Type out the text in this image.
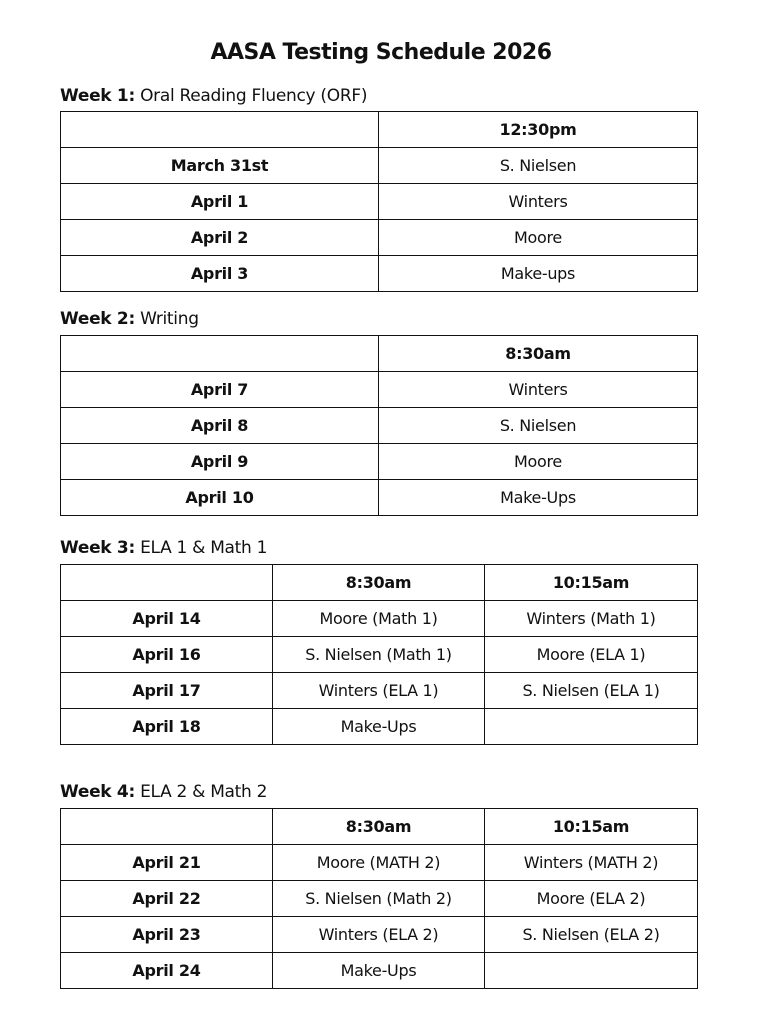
AASA Testing Schedule 2026
Week 1: Oral Reading Fluency (ORF)
	12:30pm
March 31st	S. Nielsen
April 1	Winters
April 2	Moore
April 3	Make-ups
Week 2: Writing
	8:30am
April 7	Winters
April 8	S. Nielsen
April 9	Moore
April 10	Make-Ups
Week 3: ELA 1 & Math 1
	8:30am	10:15am
April 14	Moore (Math 1)	Winters (Math 1)
April 16	S. Nielsen (Math 1)	Moore (ELA 1)
April 17	Winters (ELA 1)	S. Nielsen (ELA 1)
April 18	Make-Ups	
Week 4: ELA 2 & Math 2
	8:30am	10:15am
April 21	Moore (MATH 2)	Winters (MATH 2)
April 22	S. Nielsen (Math 2)	Moore (ELA 2)
April 23	Winters (ELA 2)	S. Nielsen (ELA 2)
April 24	Make-Ups	
